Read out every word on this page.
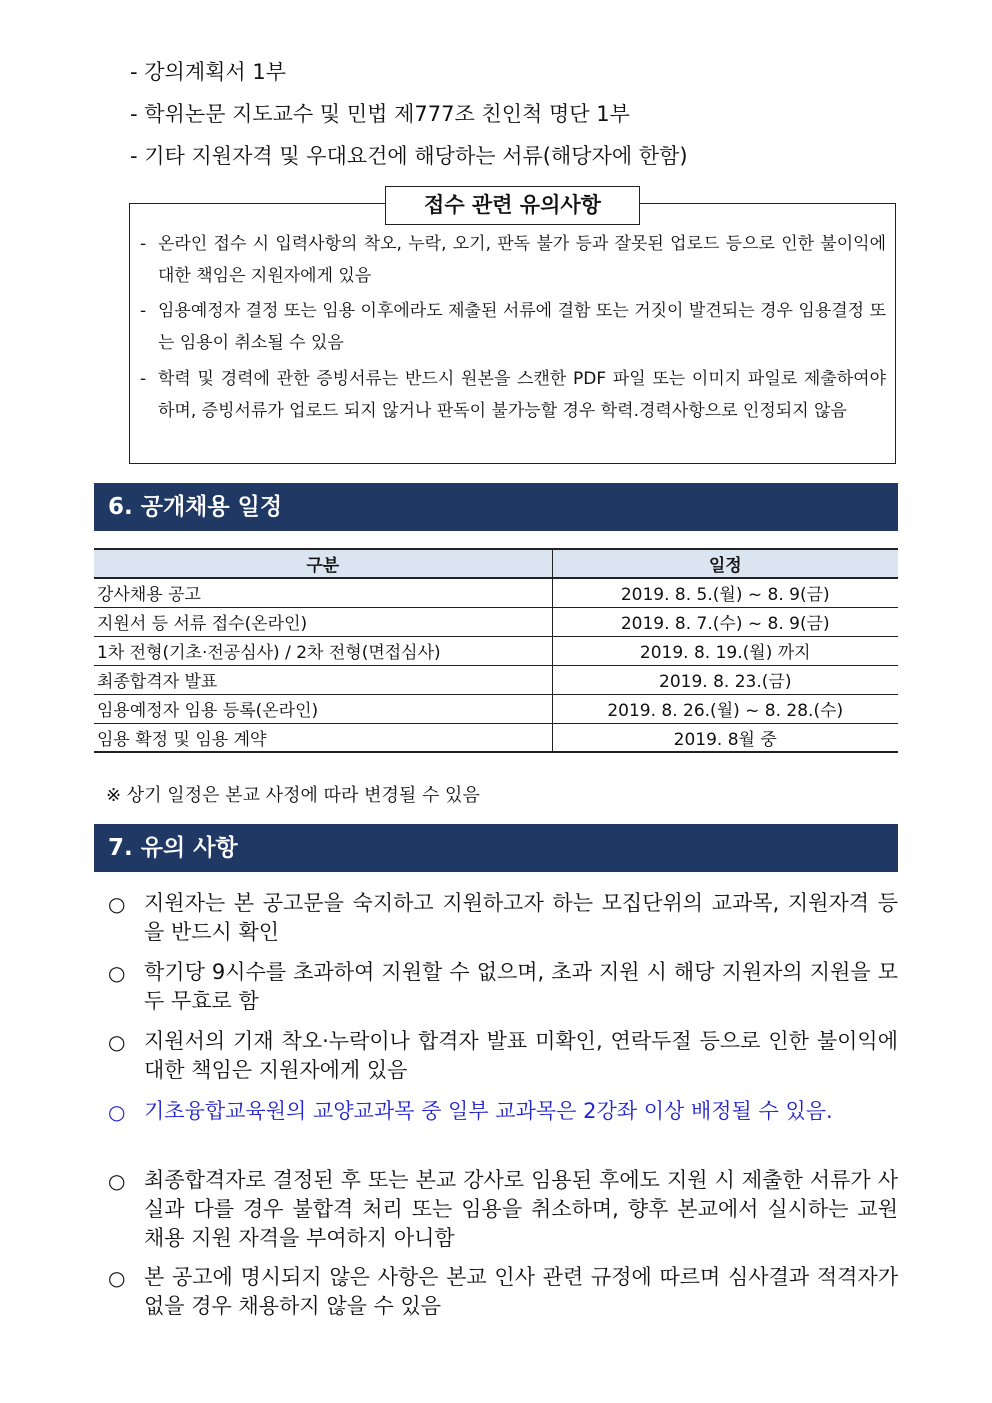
- 강의계획서 1부
- 학위논문 지도교수 및 민법 제777조 친인척 명단 1부
- 기타 지원자격 및 우대요건에 해당하는 서류(해당자에 한함)
접수 관련 유의사항
- 온라인 접수 시 입력사항의 착오, 누락, 오기, 판독 불가 등과 잘못된 업로드 등으로 인한 불이익에 대한 책임은 지원자에게 있음
- 임용예정자 결정 또는 임용 이후에라도 제출된 서류에 결함 또는 거짓이 발견되는 경우 임용결정 또는 임용이 취소될 수 있음
- 학력 및 경력에 관한 증빙서류는 반드시 원본을 스캔한 PDF 파일 또는 이미지 파일로 제출하여야 하며, 증빙서류가 업로드 되지 않거나 판독이 불가능할 경우 학력.경력사항으로 인정되지 않음
6. 공개채용 일정
구분	일정
강사채용 공고	2019. 8. 5.(월) ~ 8. 9(금)
지원서 등 서류 접수(온라인)	2019. 8. 7.(수) ~ 8. 9(금)
1차 전형(기초·전공심사) / 2차 전형(면접심사)	2019. 8. 19.(월) 까지
최종합격자 발표	2019. 8. 23.(금)
임용예정자 임용 등록(온라인)	2019. 8. 26.(월) ~ 8. 28.(수)
임용 확정 및 임용 계약	2019. 8월 중
※ 상기 일정은 본교 사정에 따라 변경될 수 있음
7. 유의 사항
○ 지원자는 본 공고문을 숙지하고 지원하고자 하는 모집단위의 교과목, 지원자격 등을 반드시 확인
○ 학기당 9시수를 초과하여 지원할 수 없으며, 초과 지원 시 해당 지원자의 지원을 모두 무효로 함
○ 지원서의 기재 착오·누락이나 합격자 발표 미확인, 연락두절 등으로 인한 불이익에 대한 책임은 지원자에게 있음
○ 기초융합교육원의 교양교과목 중 일부 교과목은 2강좌 이상 배정될 수 있음.
○ 최종합격자로 결정된 후 또는 본교 강사로 임용된 후에도 지원 시 제출한 서류가 사실과 다를 경우 불합격 처리 또는 임용을 취소하며, 향후 본교에서 실시하는 교원 채용 지원 자격을 부여하지 아니함
○ 본 공고에 명시되지 않은 사항은 본교 인사 관련 규정에 따르며 심사결과 적격자가 없을 경우 채용하지 않을 수 있음
